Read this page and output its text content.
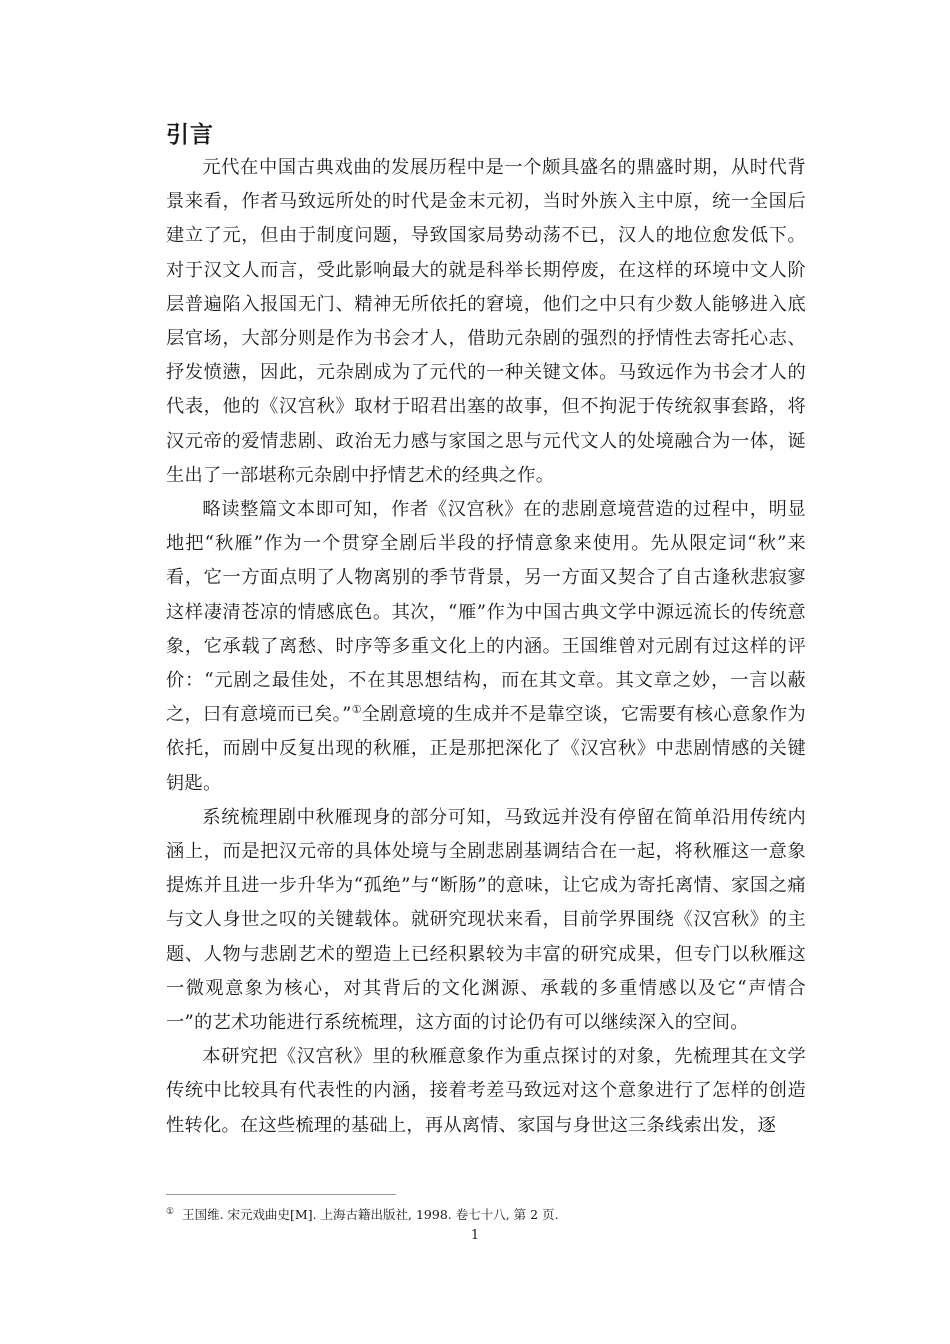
引言

元代在中国古典戏曲的发展历程中是一个颇具盛名的鼎盛时期，从时代背景来看，作者马致远所处的时代是金末元初，当时外族入主中原，统一全国后建立了元，但由于制度问题，导致国家局势动荡不已，汉人的地位愈发低下。对于汉文人而言，受此影响最大的就是科举长期停废，在这样的环境中文人阶层普遍陷入报国无门、精神无所依托的窘境，他们之中只有少数人能够进入底层官场，大部分则是作为书会才人，借助元杂剧的强烈的抒情性去寄托心志、抒发愤懑，因此，元杂剧成为了元代的一种关键文体。马致远作为书会才人的代表，他的《汉宫秋》取材于昭君出塞的故事，但不拘泥于传统叙事套路，将汉元帝的爱情悲剧、政治无力感与家国之思与元代文人的处境融合为一体，诞生出了一部堪称元杂剧中抒情艺术的经典之作。

略读整篇文本即可知，作者《汉宫秋》在的悲剧意境营造的过程中，明显地把“秋雁”作为一个贯穿全剧后半段的抒情意象来使用。先从限定词“秋”来看，它一方面点明了人物离别的季节背景，另一方面又契合了自古逢秋悲寂寥这样凄清苍凉的情感底色。其次，“雁”作为中国古典文学中源远流长的传统意象，它承载了离愁、时序等多重文化上的内涵。王国维曾对元剧有过这样的评价：“元剧之最佳处，不在其思想结构，而在其文章。其文章之妙，一言以蔽之，曰有意境而已矣。”①全剧意境的生成并不是靠空谈，它需要有核心意象作为依托，而剧中反复出现的秋雁，正是那把深化了《汉宫秋》中悲剧情感的关键钥匙。

系统梳理剧中秋雁现身的部分可知，马致远并没有停留在简单沿用传统内涵上，而是把汉元帝的具体处境与全剧悲剧基调结合在一起，将秋雁这一意象提炼并且进一步升华为“孤绝”与“断肠”的意味，让它成为寄托离情、家国之痛与文人身世之叹的关键载体。就研究现状来看，目前学界围绕《汉宫秋》的主题、人物与悲剧艺术的塑造上已经积累较为丰富的研究成果，但专门以秋雁这一微观意象为核心，对其背后的文化渊源、承载的多重情感以及它“声情合一”的艺术功能进行系统梳理，这方面的讨论仍有可以继续深入的空间。

本研究把《汉宫秋》里的秋雁意象作为重点探讨的对象，先梳理其在文学传统中比较具有代表性的内涵，接着考差马致远对这个意象进行了怎样的创造性转化。在这些梳理的基础上，再从离情、家国与身世这三条线索出发，逐

① 王国维. 宋元戏曲史[M]. 上海古籍出版社, 1998. 卷七十八, 第 2 页.
1
